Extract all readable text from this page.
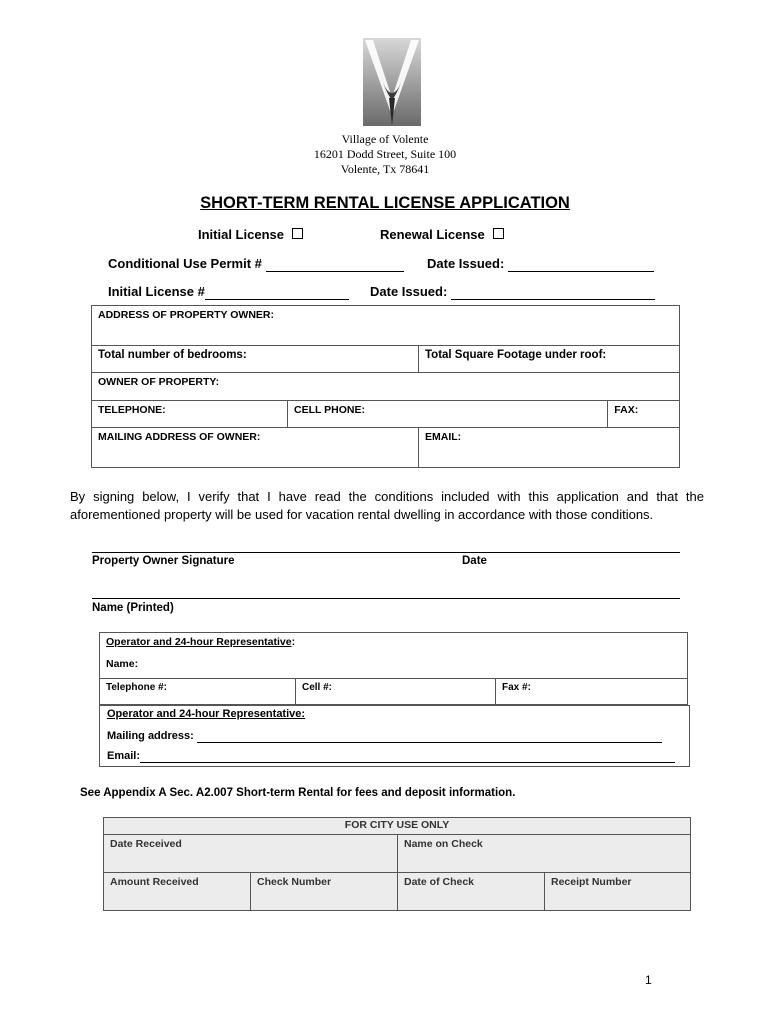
Village of Volente
16201 Dodd Street, Suite 100
Volente, Tx 78641
SHORT-TERM RENTAL LICENSE APPLICATION
Initial License	Renewal License
Conditional Use Permit #	Date Issued:
Initial License #	Date Issued:
ADDRESS OF PROPERTY OWNER:			
Total number of bedrooms:		Total Square Footage under roof:	
OWNER OF PROPERTY:			
TELEPHONE:	CELL PHONE:		FAX:
MAILING ADDRESS OF OWNER:		EMAIL:	
By signing below, I verify that I have read the conditions included with this application and that the aforementioned property will be used for vacation rental dwelling in accordance with those conditions.
Property Owner Signature	Date
Name (Printed)
Operator and 24-hour Representative:
Name:

Telephone #:	Cell #:	Fax #:
Operator and 24-hour Representative:
Mailing address:
Email:
See Appendix A Sec. A2.007 Short-term Rental for fees and deposit information.
FOR CITY USE ONLY			
Date Received		Name on Check	
Amount Received	Check Number	Date of Check	Receipt Number
1
